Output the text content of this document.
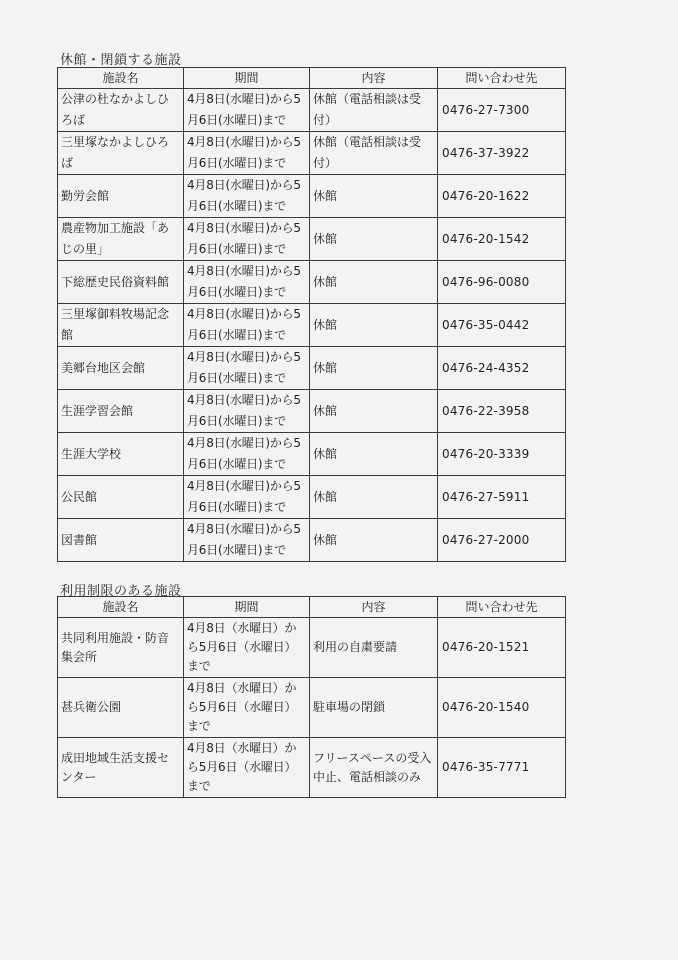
休館・閉鎖する施設
施設名	期間	内容	問い合わせ先
公津の杜なかよしひろば	4月8日(水曜日)から5月6日(水曜日)まで	休館（電話相談は受付）	0476-27-7300
三里塚なかよしひろば	4月8日(水曜日)から5月6日(水曜日)まで	休館（電話相談は受付）	0476-37-3922
勤労会館	4月8日(水曜日)から5月6日(水曜日)まで	休館	0476-20-1622
農産物加工施設「あじの里」	4月8日(水曜日)から5月6日(水曜日)まで	休館	0476-20-1542
下総歴史民俗資料館	4月8日(水曜日)から5月6日(水曜日)まで	休館	0476-96-0080
三里塚御料牧場記念館	4月8日(水曜日)から5月6日(水曜日)まで	休館	0476-35-0442
美郷台地区会館	4月8日(水曜日)から5月6日(水曜日)まで	休館	0476-24-4352
生涯学習会館	4月8日(水曜日)から5月6日(水曜日)まで	休館	0476-22-3958
生涯大学校	4月8日(水曜日)から5月6日(水曜日)まで	休館	0476-20-3339
公民館	4月8日(水曜日)から5月6日(水曜日)まで	休館	0476-27-5911
図書館	4月8日(水曜日)から5月6日(水曜日)まで	休館	0476-27-2000
利用制限のある施設
施設名	期間	内容	問い合わせ先
共同利用施設・防音集会所	4月8日（水曜日）から5月6日（水曜日）まで	利用の自粛要請	0476-20-1521
甚兵衛公園	4月8日（水曜日）から5月6日（水曜日）まで	駐車場の閉鎖	0476-20-1540
成田地域生活支援センター	4月8日（水曜日）から5月6日（水曜日）まで	フリースペースの受入中止、電話相談のみ	0476-35-7771
